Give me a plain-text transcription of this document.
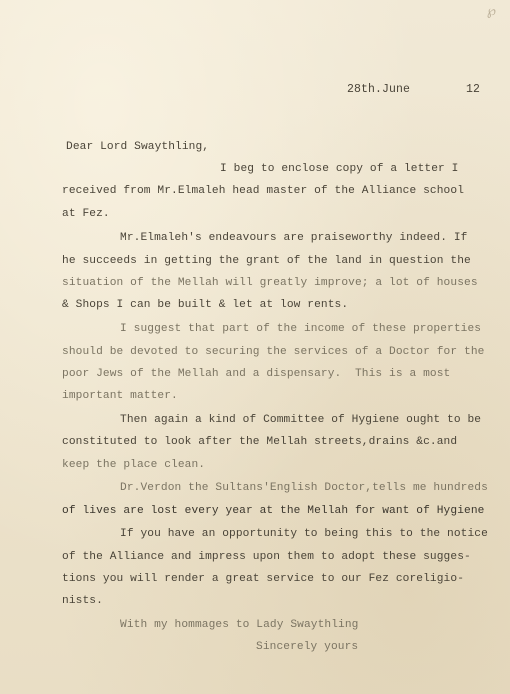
℘
28th.June        12
Dear Lord Swaythling,
I beg to enclose copy of a letter I
received from Mr.Elmaleh head master of the Alliance school
at Fez.
Mr.Elmaleh's endeavours are praiseworthy indeed. If
he succeeds in getting the grant of the land in question the
situation of the Mellah will greatly improve; a lot of houses
& Shops I can be built & let at low rents.
I suggest that part of the income of these properties
should be devoted to securing the services of a Doctor for the
poor Jews of the Mellah and a dispensary.  This is a most
important matter.
Then again a kind of Committee of Hygiene ought to be
constituted to look after the Mellah streets,drains &c.and
keep the place clean.
Dr.Verdon the Sultans'English Doctor,tells me hundreds
of lives are lost every year at the Mellah for want of Hygiene
If you have an opportunity to being this to the notice
of the Alliance and impress upon them to adopt these sugges-
tions you will render a great service to our Fez coreligio-
nists.
With my hommages to Lady Swaythling
Sincerely yours
